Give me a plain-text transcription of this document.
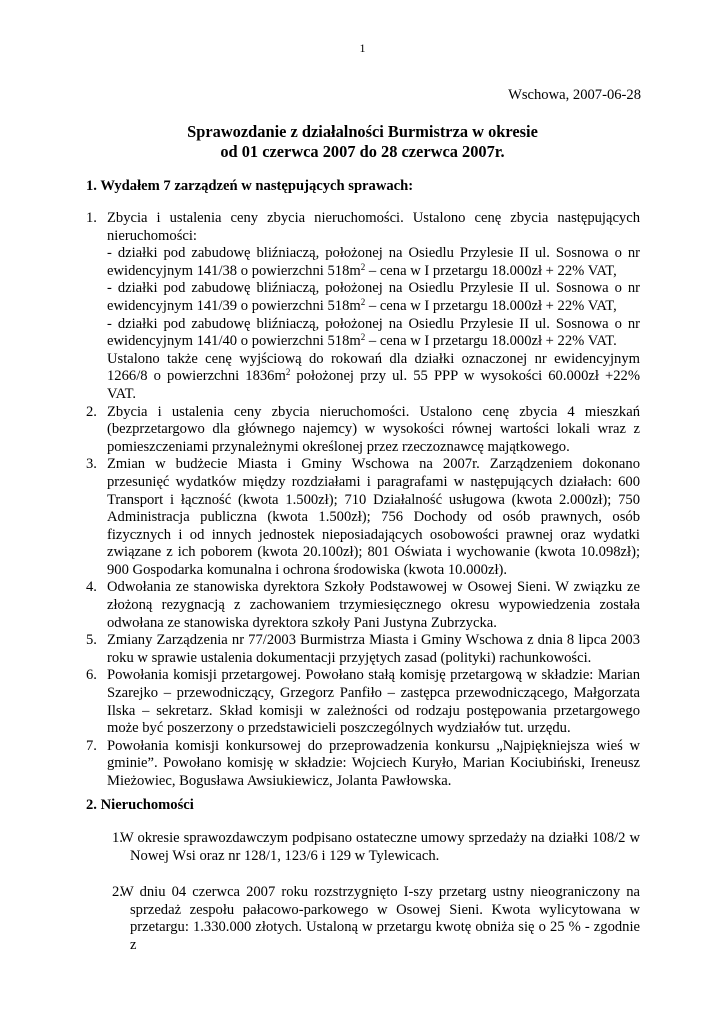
1
Wschowa, 2007-06-28
Sprawozdanie z działalności Burmistrza w okresie
od 01 czerwca 2007 do 28 czerwca 2007r.
1. Wydałem 7 zarządzeń w następujących sprawach:
1. Zbycia i ustalenia ceny zbycia nieruchomości. Ustalono cenę zbycia następujących nieruchomości:

- działki pod zabudowę bliźniaczą, położonej na Osiedlu Przylesie II ul. Sosnowa o nr ewidencyjnym 141/38 o powierzchni $518m^2$ – cena w I przetargu 18.000zł + 22% VAT,

- działki pod zabudowę bliźniaczą, położonej na Osiedlu Przylesie II ul. Sosnowa o nr ewidencyjnym 141/39 o powierzchni $518m^2$ – cena w I przetargu 18.000zł + 22% VAT,

- działki pod zabudowę bliźniaczą, położonej na Osiedlu Przylesie II ul. Sosnowa o nr ewidencyjnym 141/40 o powierzchni $518m^2$ – cena w I przetargu 18.000zł + 22% VAT.

Ustalono także cenę wyjściową do rokowań dla działki oznaczonej nr ewidencyjnym 1266/8 o powierzchni $1836m^2$ położonej przy ul. 55 PPP w wysokości 60.000zł +22% VAT.

2. Zbycia i ustalenia ceny zbycia nieruchomości. Ustalono cenę zbycia 4 mieszkań (bezprzetargowo dla głównego najemcy) w wysokości równej wartości lokali wraz z pomieszczeniami przynależnymi określonej przez rzeczoznawcę majątkowego.

3. Zmian w budżecie Miasta i Gminy Wschowa na 2007r. Zarządzeniem dokonano przesunięć wydatków między rozdziałami i paragrafami w następujących działach: 600 Transport i łączność (kwota 1.500zł); 710 Działalność usługowa (kwota 2.000zł); 750 Administracja publiczna (kwota 1.500zł); 756 Dochody od osób prawnych, osób fizycznych i od innych jednostek nieposiadających osobowości prawnej oraz wydatki związane z ich poborem (kwota 20.100zł); 801 Oświata i wychowanie (kwota 10.098zł); 900 Gospodarka komunalna i ochrona środowiska (kwota 10.000zł).

4. Odwołania ze stanowiska dyrektora Szkoły Podstawowej w Osowej Sieni. W związku ze złożoną rezygnacją z zachowaniem trzymiesięcznego okresu wypowiedzenia została odwołana ze stanowiska dyrektora szkoły Pani Justyna Zubrzycka.

5. Zmiany Zarządzenia nr 77/2003 Burmistrza Miasta i Gminy Wschowa z dnia 8 lipca 2003 roku w sprawie ustalenia dokumentacji przyjętych zasad (polityki) rachunkowości.

6. Powołania komisji przetargowej. Powołano stałą komisję przetargową w składzie: Marian Szarejko – przewodniczący, Grzegorz Panfiło – zastępca przewodniczącego, Małgorzata Ilska – sekretarz. Skład komisji w zależności od rodzaju postępowania przetargowego może być poszerzony o przedstawicieli poszczególnych wydziałów tut. urzędu.

7. Powołania komisji konkursowej do przeprowadzenia konkursu „Najpiękniejsza wieś w gminie”. Powołano komisję w składzie: Wojciech Kuryło, Marian Kociubiński, Ireneusz Mieżowiec, Bogusława Awsiukiewicz, Jolanta Pawłowska.

2. Nieruchomości
1.
W okresie sprawozdawczym podpisano ostateczne umowy sprzedaży na działki 108/2 w Nowej Wsi oraz nr 128/1, 123/6 i 129 w Tylewicach.
2.
W dniu 04 czerwca 2007 roku rozstrzygnięto I-szy przetarg ustny nieograniczony na sprzedaż zespołu pałacowo-parkowego w Osowej Sieni. Kwota wylicytowana w przetargu: 1.330.000 złotych. Ustaloną w przetargu kwotę obniża się o 25 % - zgodnie z
